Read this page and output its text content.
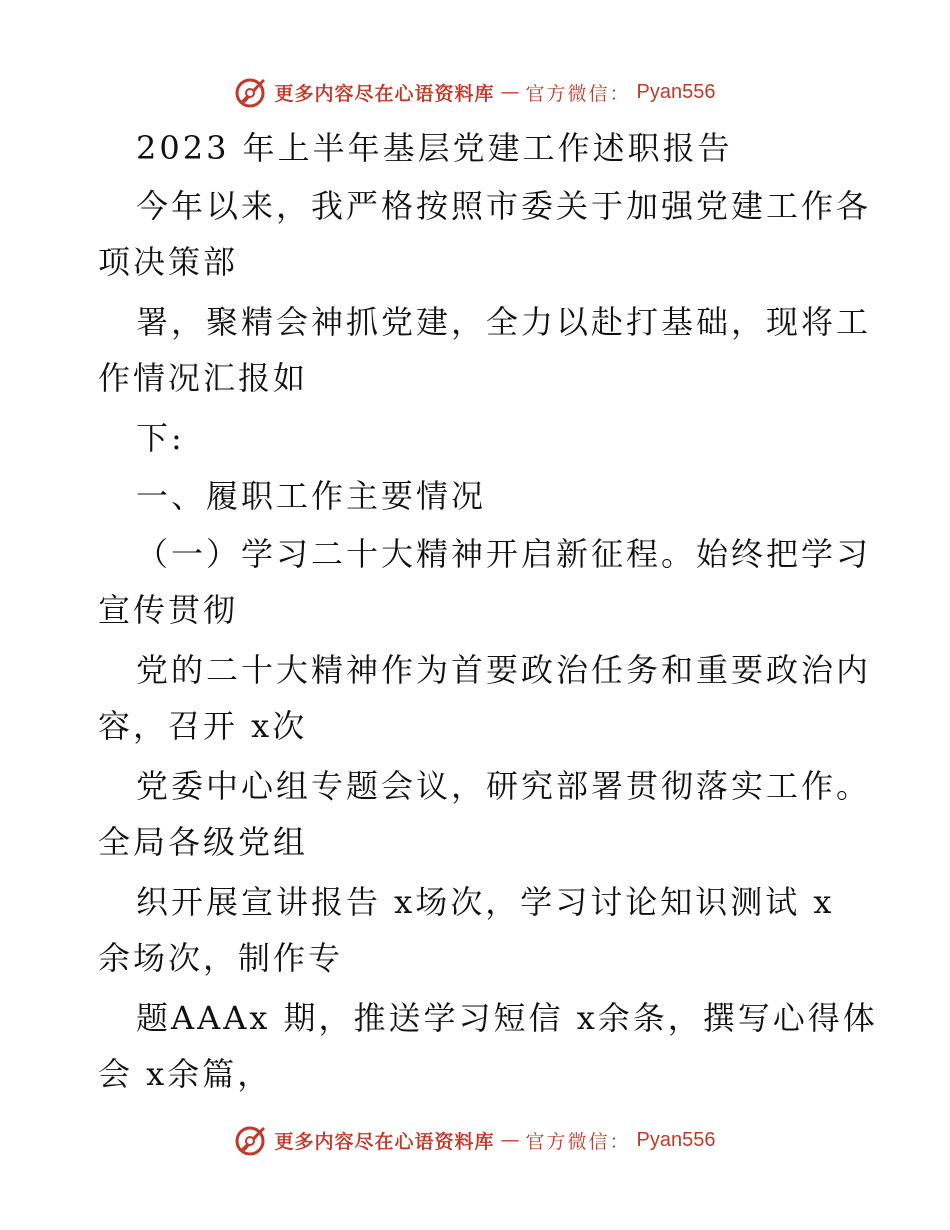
更多内容尽在心语资料库 — 官方微信： Pyan556
2023 年上半年基层党建工作述职报告
今年以来，我严格按照市委关于加强党建工作各
项决策部
署，聚精会神抓党建，全力以赴打基础，现将工
作情况汇报如
下:
一、履职工作主要情况
（一）学习二十大精神开启新征程。始终把学习
宣传贯彻
党的二十大精神作为首要政治任务和重要政治内
容，召开 x次
党委中心组专题会议，研究部署贯彻落实工作。
全局各级党组
织开展宣讲报告 x场次，学习讨论知识测试 x
余场次，制作专
题AAAx 期，推送学习短信 x余条，撰写心得体
会 x余篇，
更多内容尽在心语资料库 — 官方微信： Pyan556
